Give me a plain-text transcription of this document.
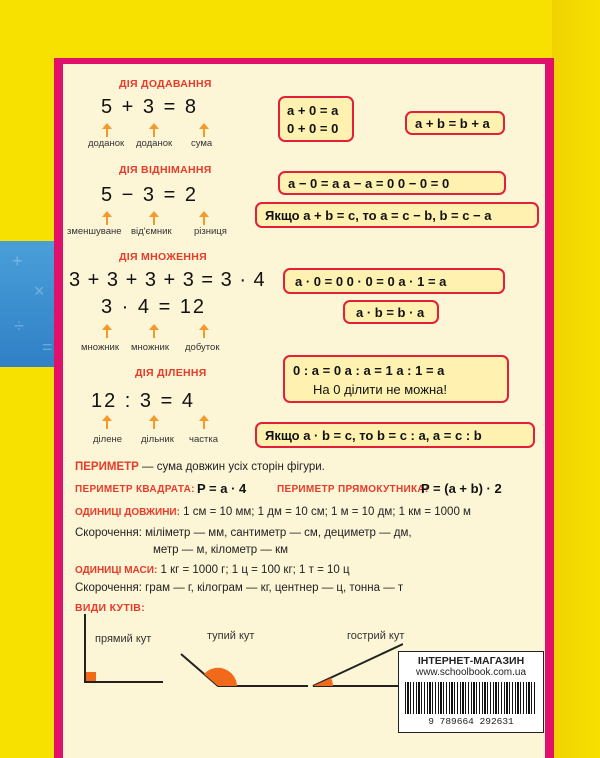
+
×
÷
=
ДІЯ ДОДАВАННЯ
5 + 3 = 8
доданок доданок сума
a + 0 = a
0 + 0 = 0	a + b = b + a
ДІЯ ВІДНІМАННЯ
5 − 3 = 2
зменшуване від'ємник різниця
a − 0 = a a − a = 0 0 − 0 = 0
Якщо a + b = c, то a = c − b, b = c − a
ДІЯ МНОЖЕННЯ
3 + 3 + 3 + 3 = 3 · 4
3 · 4 = 12
множник множник добуток
a · 0 = 0 0 · 0 = 0 a · 1 = a
a · b = b · a
ДІЯ ДІЛЕННЯ
12 : 3 = 4
ділене дільник частка
0 : a = 0 a : a = 1 a : 1 = a
На 0 ділити не можна!
Якщо a · b = c, то b = c : a, a = c : b
ПЕРИМЕТР — сума довжин усіх сторін фігури.
ПЕРИМЕТР КВАДРАТА: P = a · 4	ПЕРИМЕТР ПРЯМОКУТНИКА:
P = (a + b) · 2
ОДИНИЦІ ДОВЖИНИ: 1 см = 10 мм; 1 дм = 10 см; 1 м = 10 дм; 1 км = 1000 м
Скорочення: міліметр — мм, сантиметр — см, дециметр — дм,
метр — м, кілометр — км
ОДИНИЦІ МАСИ: 1 кг = 1000 г; 1 ц = 100 кг; 1 т = 10 ц
Скорочення: грам — г, кілограм — кг, центнер — ц, тонна — т
ВИДИ КУТІВ:
прямий кут	тупий кут	гострий кут
ІНТЕРНЕТ-МАГАЗИН
www.schoolbook.com.ua
9 789664 292631
